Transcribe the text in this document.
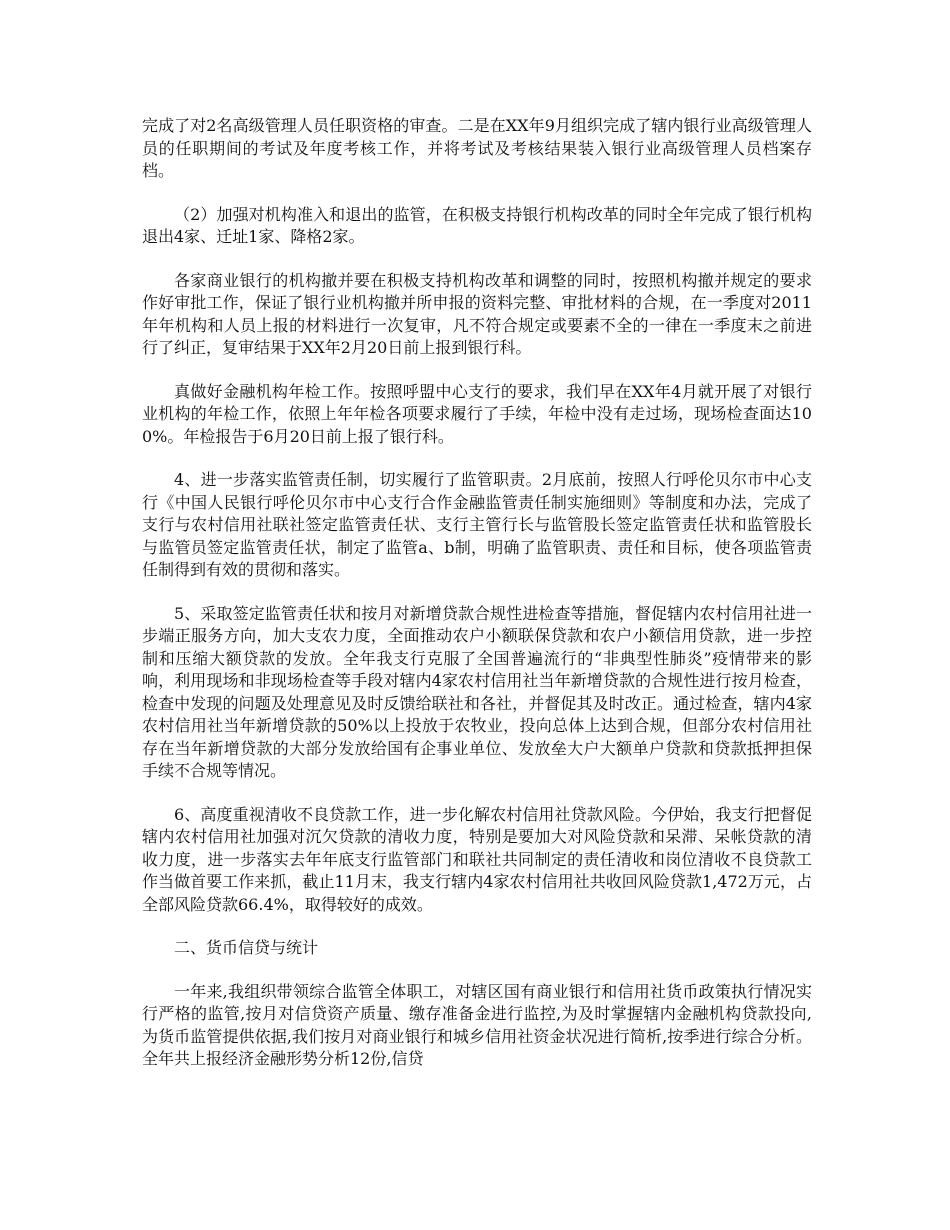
完成了对2名高级管理人员任职资格的审查。二是在XX年9月组织完成了辖内银行业高级管理人员的任职期间的考试及年度考核工作，并将考试及考核结果装入银行业高级管理人员档案存档。

（2）加强对机构准入和退出的监管，在积极支持银行机构改革的同时全年完成了银行机构退出4家、迁址1家、降格2家。

各家商业银行的机构撤并要在积极支持机构改革和调整的同时，按照机构撤并规定的要求作好审批工作，保证了银行业机构撤并所申报的资料完整、审批材料的合规，在一季度对2011年年机构和人员上报的材料进行一次复审，凡不符合规定或要素不全的一律在一季度末之前进行了纠正，复审结果于XX年2月20日前上报到银行科。

真做好金融机构年检工作。按照呼盟中心支行的要求，我们早在XX年4月就开展了对银行业机构的年检工作，依照上年年检各项要求履行了手续，年检中没有走过场，现场检查面达100%。年检报告于6月20日前上报了银行科。

4、进一步落实监管责任制，切实履行了监管职责。2月底前，按照人行呼伦贝尔市中心支行《中国人民银行呼伦贝尔市中心支行合作金融监管责任制实施细则》等制度和办法，完成了支行与农村信用社联社签定监管责任状、支行主管行长与监管股长签定监管责任状和监管股长与监管员签定监管责任状，制定了监管a、b制，明确了监管职责、责任和目标，使各项监管责任制得到有效的贯彻和落实。

5、采取签定监管责任状和按月对新增贷款合规性进检查等措施，督促辖内农村信用社进一步端正服务方向，加大支农力度，全面推动农户小额联保贷款和农户小额信用贷款，进一步控制和压缩大额贷款的发放。全年我支行克服了全国普遍流行的“非典型性肺炎”疫情带来的影响，利用现场和非现场检查等手段对辖内4家农村信用社当年新增贷款的合规性进行按月检查，检查中发现的问题及处理意见及时反馈给联社和各社，并督促其及时改正。通过检查，辖内4家农村信用社当年新增贷款的50%以上投放于农牧业，投向总体上达到合规，但部分农村信用社存在当年新增贷款的大部分发放给国有企事业单位、发放垒大户大额单户贷款和贷款抵押担保手续不合规等情况。

6、高度重视清收不良贷款工作，进一步化解农村信用社贷款风险。今伊始，我支行把督促辖内农村信用社加强对沉欠贷款的清收力度，特别是要加大对风险贷款和呆滞、呆帐贷款的清收力度，进一步落实去年年底支行监管部门和联社共同制定的责任清收和岗位清收不良贷款工作当做首要工作来抓，截止11月末，我支行辖内4家农村信用社共收回风险贷款1,472万元，占全部风险贷款66.4%，取得较好的成效。

二、货币信贷与统计

一年来,我组织带领综合监管全体职工，对辖区国有商业银行和信用社货币政策执行情况实行严格的监管,按月对信贷资产质量、缴存准备金进行监控,为及时掌握辖内金融机构贷款投向,为货币监管提供依据,我们按月对商业银行和城乡信用社资金状况进行简析,按季进行综合分析。全年共上报经济金融形势分析12份,信贷
